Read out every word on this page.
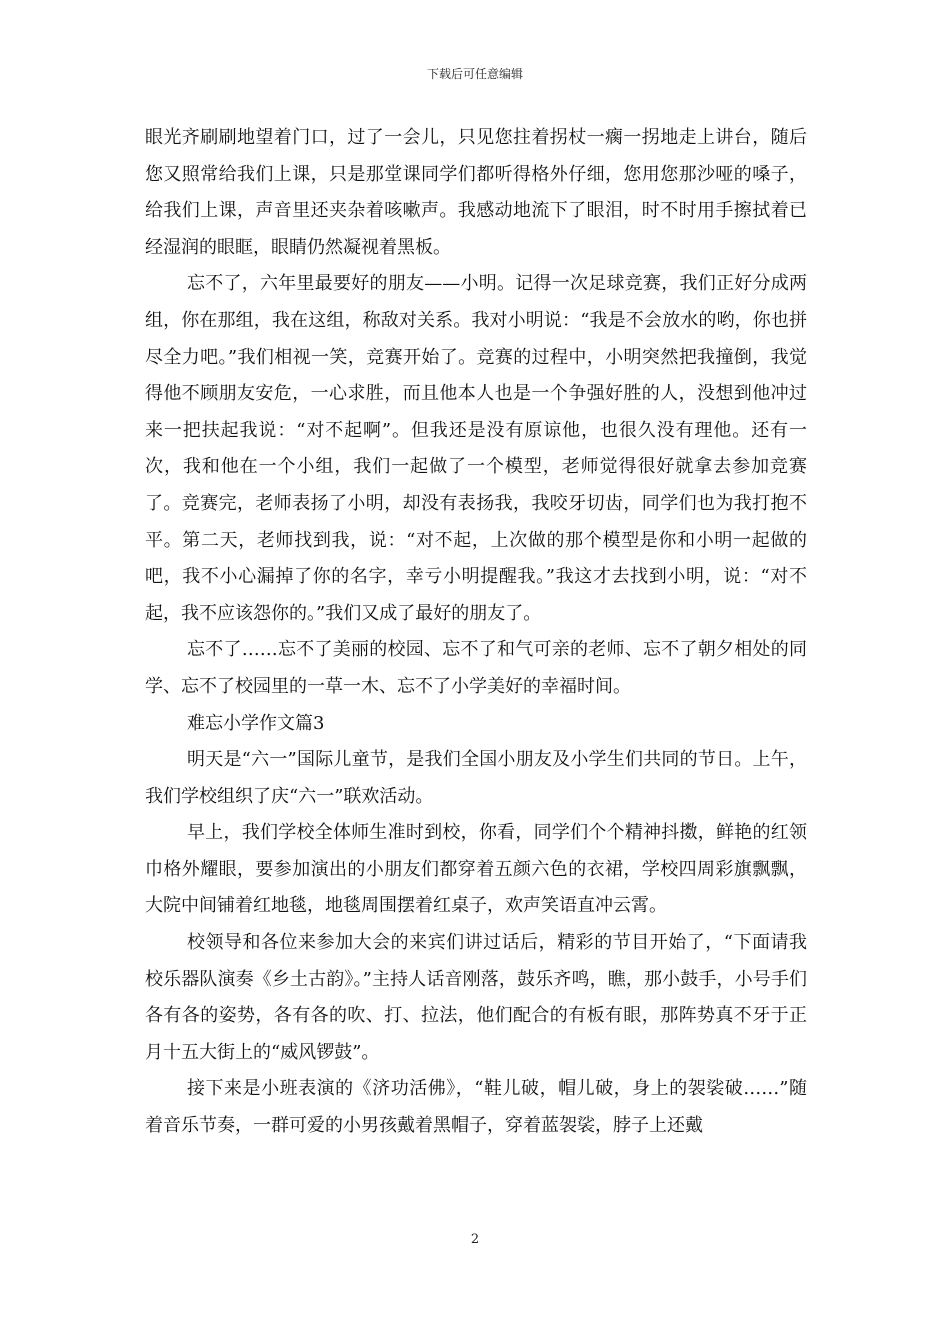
下载后可任意编辑

眼光齐刷刷地望着门口，过了一会儿，只见您拄着拐杖一瘸一拐地走上讲台，随后您又照常给我们上课，只是那堂课同学们都听得格外仔细，您用您那沙哑的嗓子，给我们上课，声音里还夹杂着咳嗽声。我感动地流下了眼泪，时不时用手擦拭着已经湿润的眼眶，眼睛仍然凝视着黑板。

忘不了，六年里最要好的朋友——小明。记得一次足球竞赛，我们正好分成两组，你在那组，我在这组，称敌对关系。我对小明说：“我是不会放水的哟，你也拼尽全力吧。”我们相视一笑，竞赛开始了。竞赛的过程中，小明突然把我撞倒，我觉得他不顾朋友安危，一心求胜，而且他本人也是一个争强好胜的人，没想到他冲过来一把扶起我说：“对不起啊”。但我还是没有原谅他，也很久没有理他。还有一次，我和他在一个小组，我们一起做了一个模型，老师觉得很好就拿去参加竞赛了。竞赛完，老师表扬了小明，却没有表扬我，我咬牙切齿，同学们也为我打抱不平。第二天，老师找到我，说：“对不起，上次做的那个模型是你和小明一起做的吧，我不小心漏掉了你的名字，幸亏小明提醒我。”我这才去找到小明，说：“对不起，我不应该怨你的。”我们又成了最好的朋友了。

忘不了……忘不了美丽的校园、忘不了和气可亲的老师、忘不了朝夕相处的同学、忘不了校园里的一草一木、忘不了小学美好的幸福时间。

难忘小学作文篇3

明天是“六一”国际儿童节，是我们全国小朋友及小学生们共同的节日。上午，我们学校组织了庆“六一”联欢活动。

早上，我们学校全体师生准时到校，你看，同学们个个精神抖擞，鲜艳的红领巾格外耀眼，要参加演出的小朋友们都穿着五颜六色的衣裙，学校四周彩旗飘飘，大院中间铺着红地毯，地毯周围摆着红桌子，欢声笑语直冲云霄。

校领导和各位来参加大会的来宾们讲过话后，精彩的节目开始了，“下面请我校乐器队演奏《乡土古韵》。”主持人话音刚落，鼓乐齐鸣，瞧，那小鼓手，小号手们各有各的姿势，各有各的吹、打、拉法，他们配合的有板有眼，那阵势真不牙于正月十五大街上的“威风锣鼓”。

接下来是小班表演的《济功活佛》，“鞋儿破，帽儿破，身上的袈裟破……”随着音乐节奏，一群可爱的小男孩戴着黑帽子，穿着蓝袈裟，脖子上还戴

2
